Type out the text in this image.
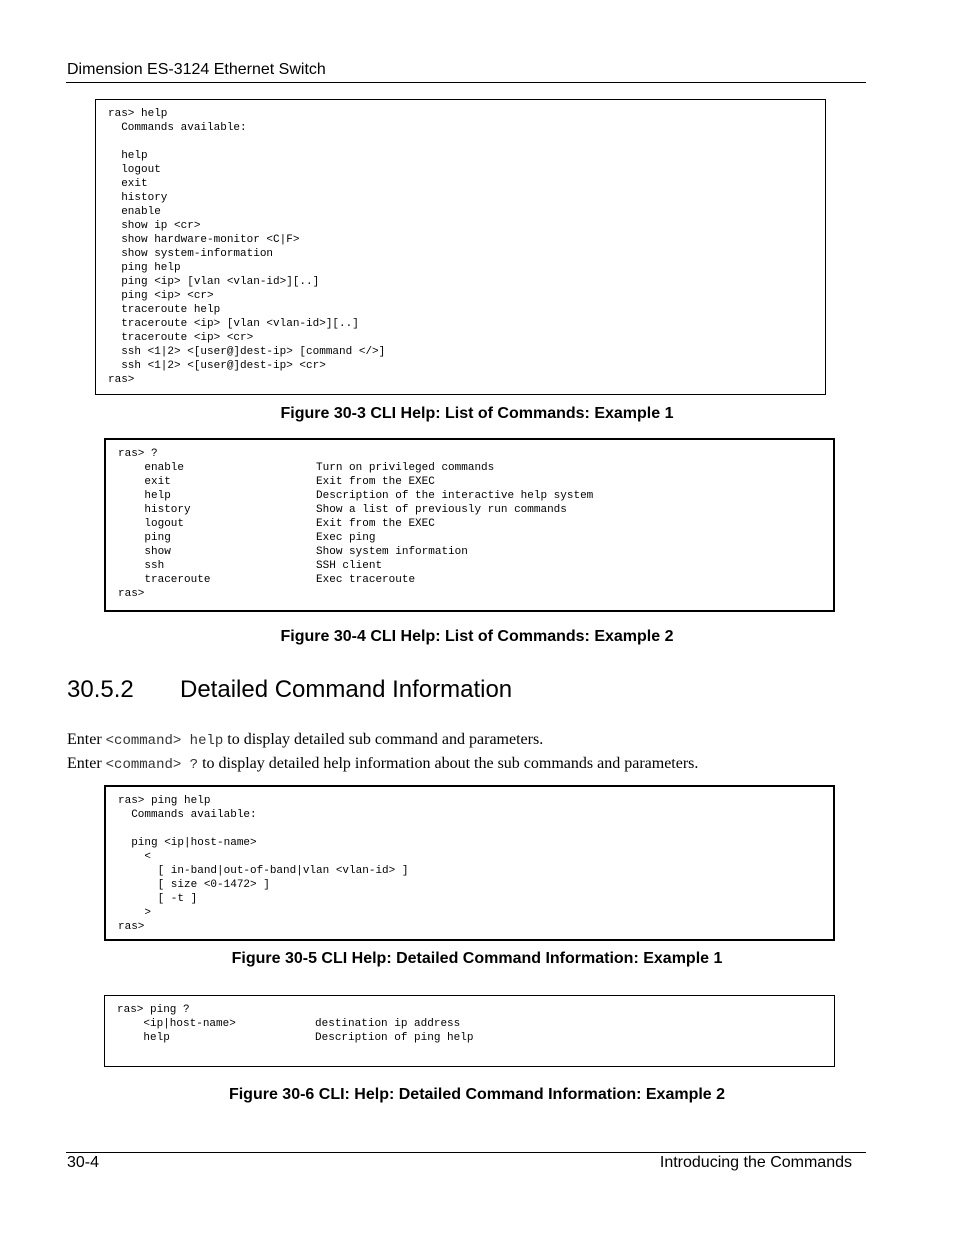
Dimension ES-3124 Ethernet Switch
ras> help
Commands available:

help
logout
exit
history
enable
show ip <cr>
show hardware-monitor <C|F>
show system-information
ping help
ping <ip> [vlan <vlan-id>][..]
ping <ip> <cr>
traceroute help
traceroute <ip> [vlan <vlan-id>][..]
traceroute <ip> <cr>
ssh <1|2> <[user@]dest-ip> [command </>]
ssh <1|2> <[user@]dest-ip> <cr>
ras>
Figure 30-3 CLI Help: List of Commands: Example 1
ras> ?
enable                    Turn on privileged commands
exit                      Exit from the EXEC
help                      Description of the interactive help system
history                   Show a list of previously run commands
logout                    Exit from the EXEC
ping                      Exec ping
show                      Show system information
ssh                       SSH client
traceroute                Exec traceroute
ras>
Figure 30-4 CLI Help: List of Commands: Example 2
30.5.2 Detailed Command Information
Enter <command> help to display detailed sub command and parameters.
Enter <command> ? to display detailed help information about the sub commands and parameters.
ras> ping help
Commands available:

ping <ip|host-name>
<
[ in-band|out-of-band|vlan <vlan-id> ]
[ size <0-1472> ]
[ -t ]
>
ras>
Figure 30-5 CLI Help: Detailed Command Information: Example 1
ras> ping ?
<ip|host-name>            destination ip address
help                      Description of ping help
Figure 30-6 CLI: Help: Detailed Command Information: Example 2
30-4	Introducing the Commands
